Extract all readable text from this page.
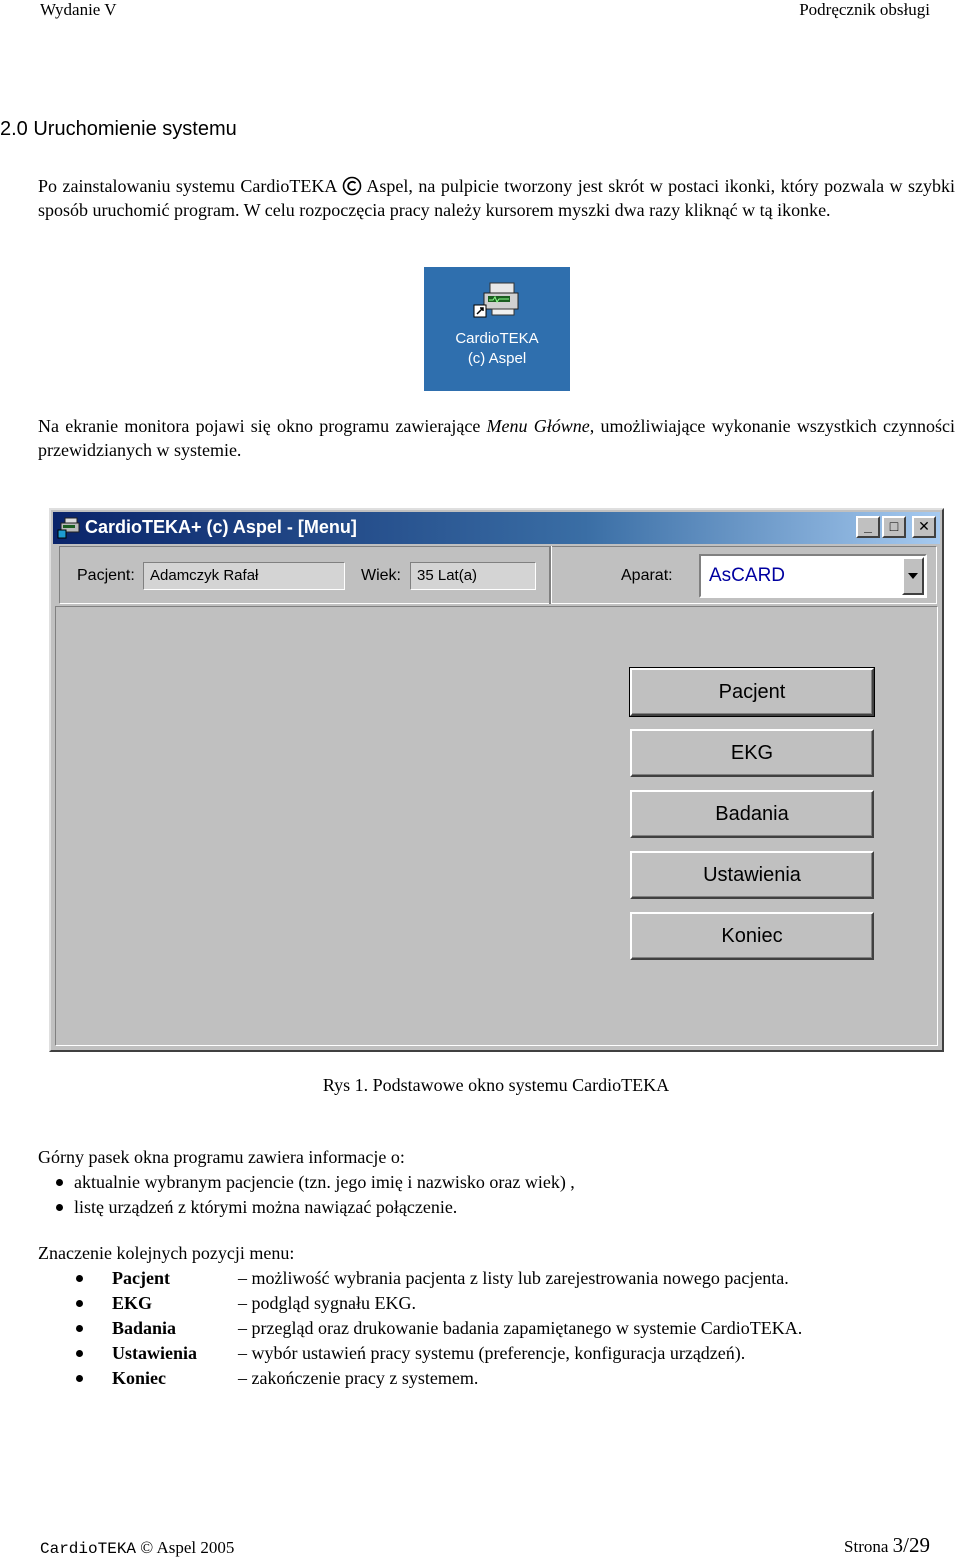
Wydanie V	Podręcznik obsługi
2.0 Uruchomienie systemu
Po zainstalowaniu systemu CardioTEKA Aspel, na pulpicie tworzony jest skrót w postaci ikonki, który pozwala w szybki sposób uruchomić program. W celu rozpoczęcia pracy należy kursorem myszki dwa razy kliknąć w tą ikonke.
CardioTEKA
(c) Aspel
Na ekranie monitora pojawi się okno programu zawierające Menu Główne, umożliwiające wykonanie wszystkich czynności przewidzianych w systemie.
CardioTEKA+ (c) Aspel - [Menu]	_	□	✕
Pacjent:	Adamczyk Rafał	Wiek:	35 Lat(a)	Aparat: AsCARD
Pacjent
EKG
Badania
Ustawienia
Koniec
Rys 1. Podstawowe okno systemu CardioTEKA
Górny pasek okna programu zawiera informacje o:
aktualnie wybranym pacjencie (tzn. jego imię i nazwisko oraz wiek) ,
listę urządzeń z którymi można nawiązać połączenie.
Znaczenie kolejnych pozycji menu:
Pacjent	– możliwość wybrania pacjenta z listy lub zarejestrowania nowego pacjenta.
EKG	– podgląd sygnału EKG.
Badania	– przegląd oraz drukowanie badania zapamiętanego w systemie CardioTEKA.
Ustawienia – wybór ustawień pracy systemu (preferencje, konfiguracja urządzeń).
Koniec	– zakończenie pracy z systemem.
CardioTEKA © Aspel 2005	Strona 3/29
